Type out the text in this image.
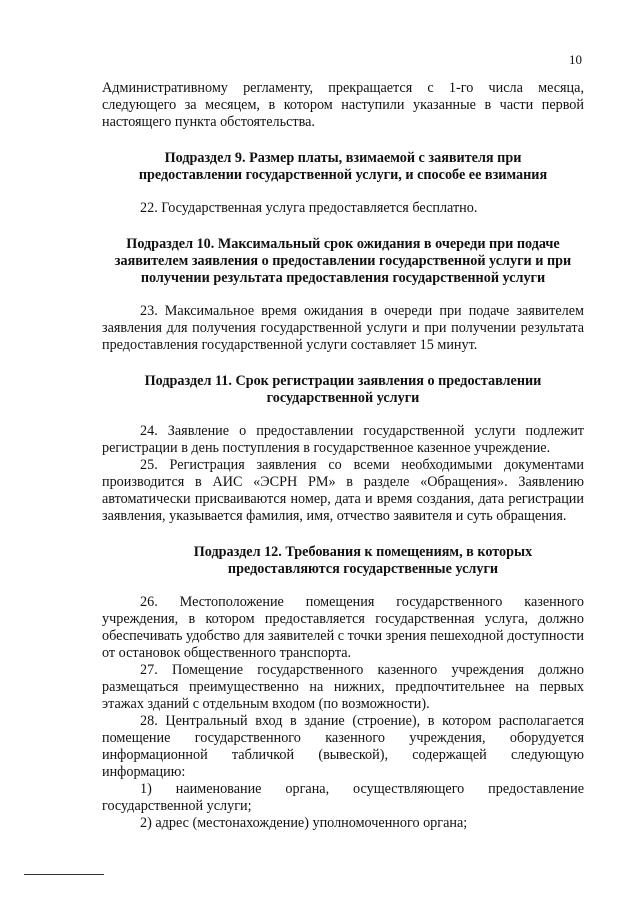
10

Административному регламенту, прекращается с 1-го числа месяца, следующего за месяцем, в котором наступили указанные в части первой настоящего пункта обстоятельства.

Подраздел 9. Размер платы, взимаемой с заявителя при предоставлении государственной услуги, и способе ее взимания

22. Государственная услуга предоставляется бесплатно.

Подраздел 10. Максимальный срок ожидания в очереди при подаче заявителем заявления о предоставлении государственной услуги и при получении результата предоставления государственной услуги

23. Максимальное время ожидания в очереди при подаче заявителем заявления для получения государственной услуги и при получении результата предоставления государственной услуги составляет 15 минут.

Подраздел 11. Срок регистрации заявления о предоставлении государственной услуги

24. Заявление о предоставлении государственной услуги подлежит регистрации в день поступления в государственное казенное учреждение.

25. Регистрация заявления со всеми необходимыми документами производится в АИС «ЭСРН РМ» в разделе «Обращения». Заявлению автоматически присваиваются номер, дата и время создания, дата регистрации заявления, указывается фамилия, имя, отчество заявителя и суть обращения.

Подраздел 12. Требования к помещениям, в которых предоставляются государственные услуги

26. Местоположение помещения государственного казенного учреждения, в котором предоставляется государственная услуга, должно обеспечивать удобство для заявителей с точки зрения пешеходной доступности от остановок общественного транспорта.

27. Помещение государственного казенного учреждения должно размещаться преимущественно на нижних, предпочтительнее на первых этажах зданий с отдельным входом (по возможности).

28. Центральный вход в здание (строение), в котором располагается помещение государственного казенного учреждения, оборудуется информационной табличкой (вывеской), содержащей следующую информацию:

1) наименование органа, осуществляющего предоставление государственной услуги;

2) адрес (местонахождение) уполномоченного органа;
